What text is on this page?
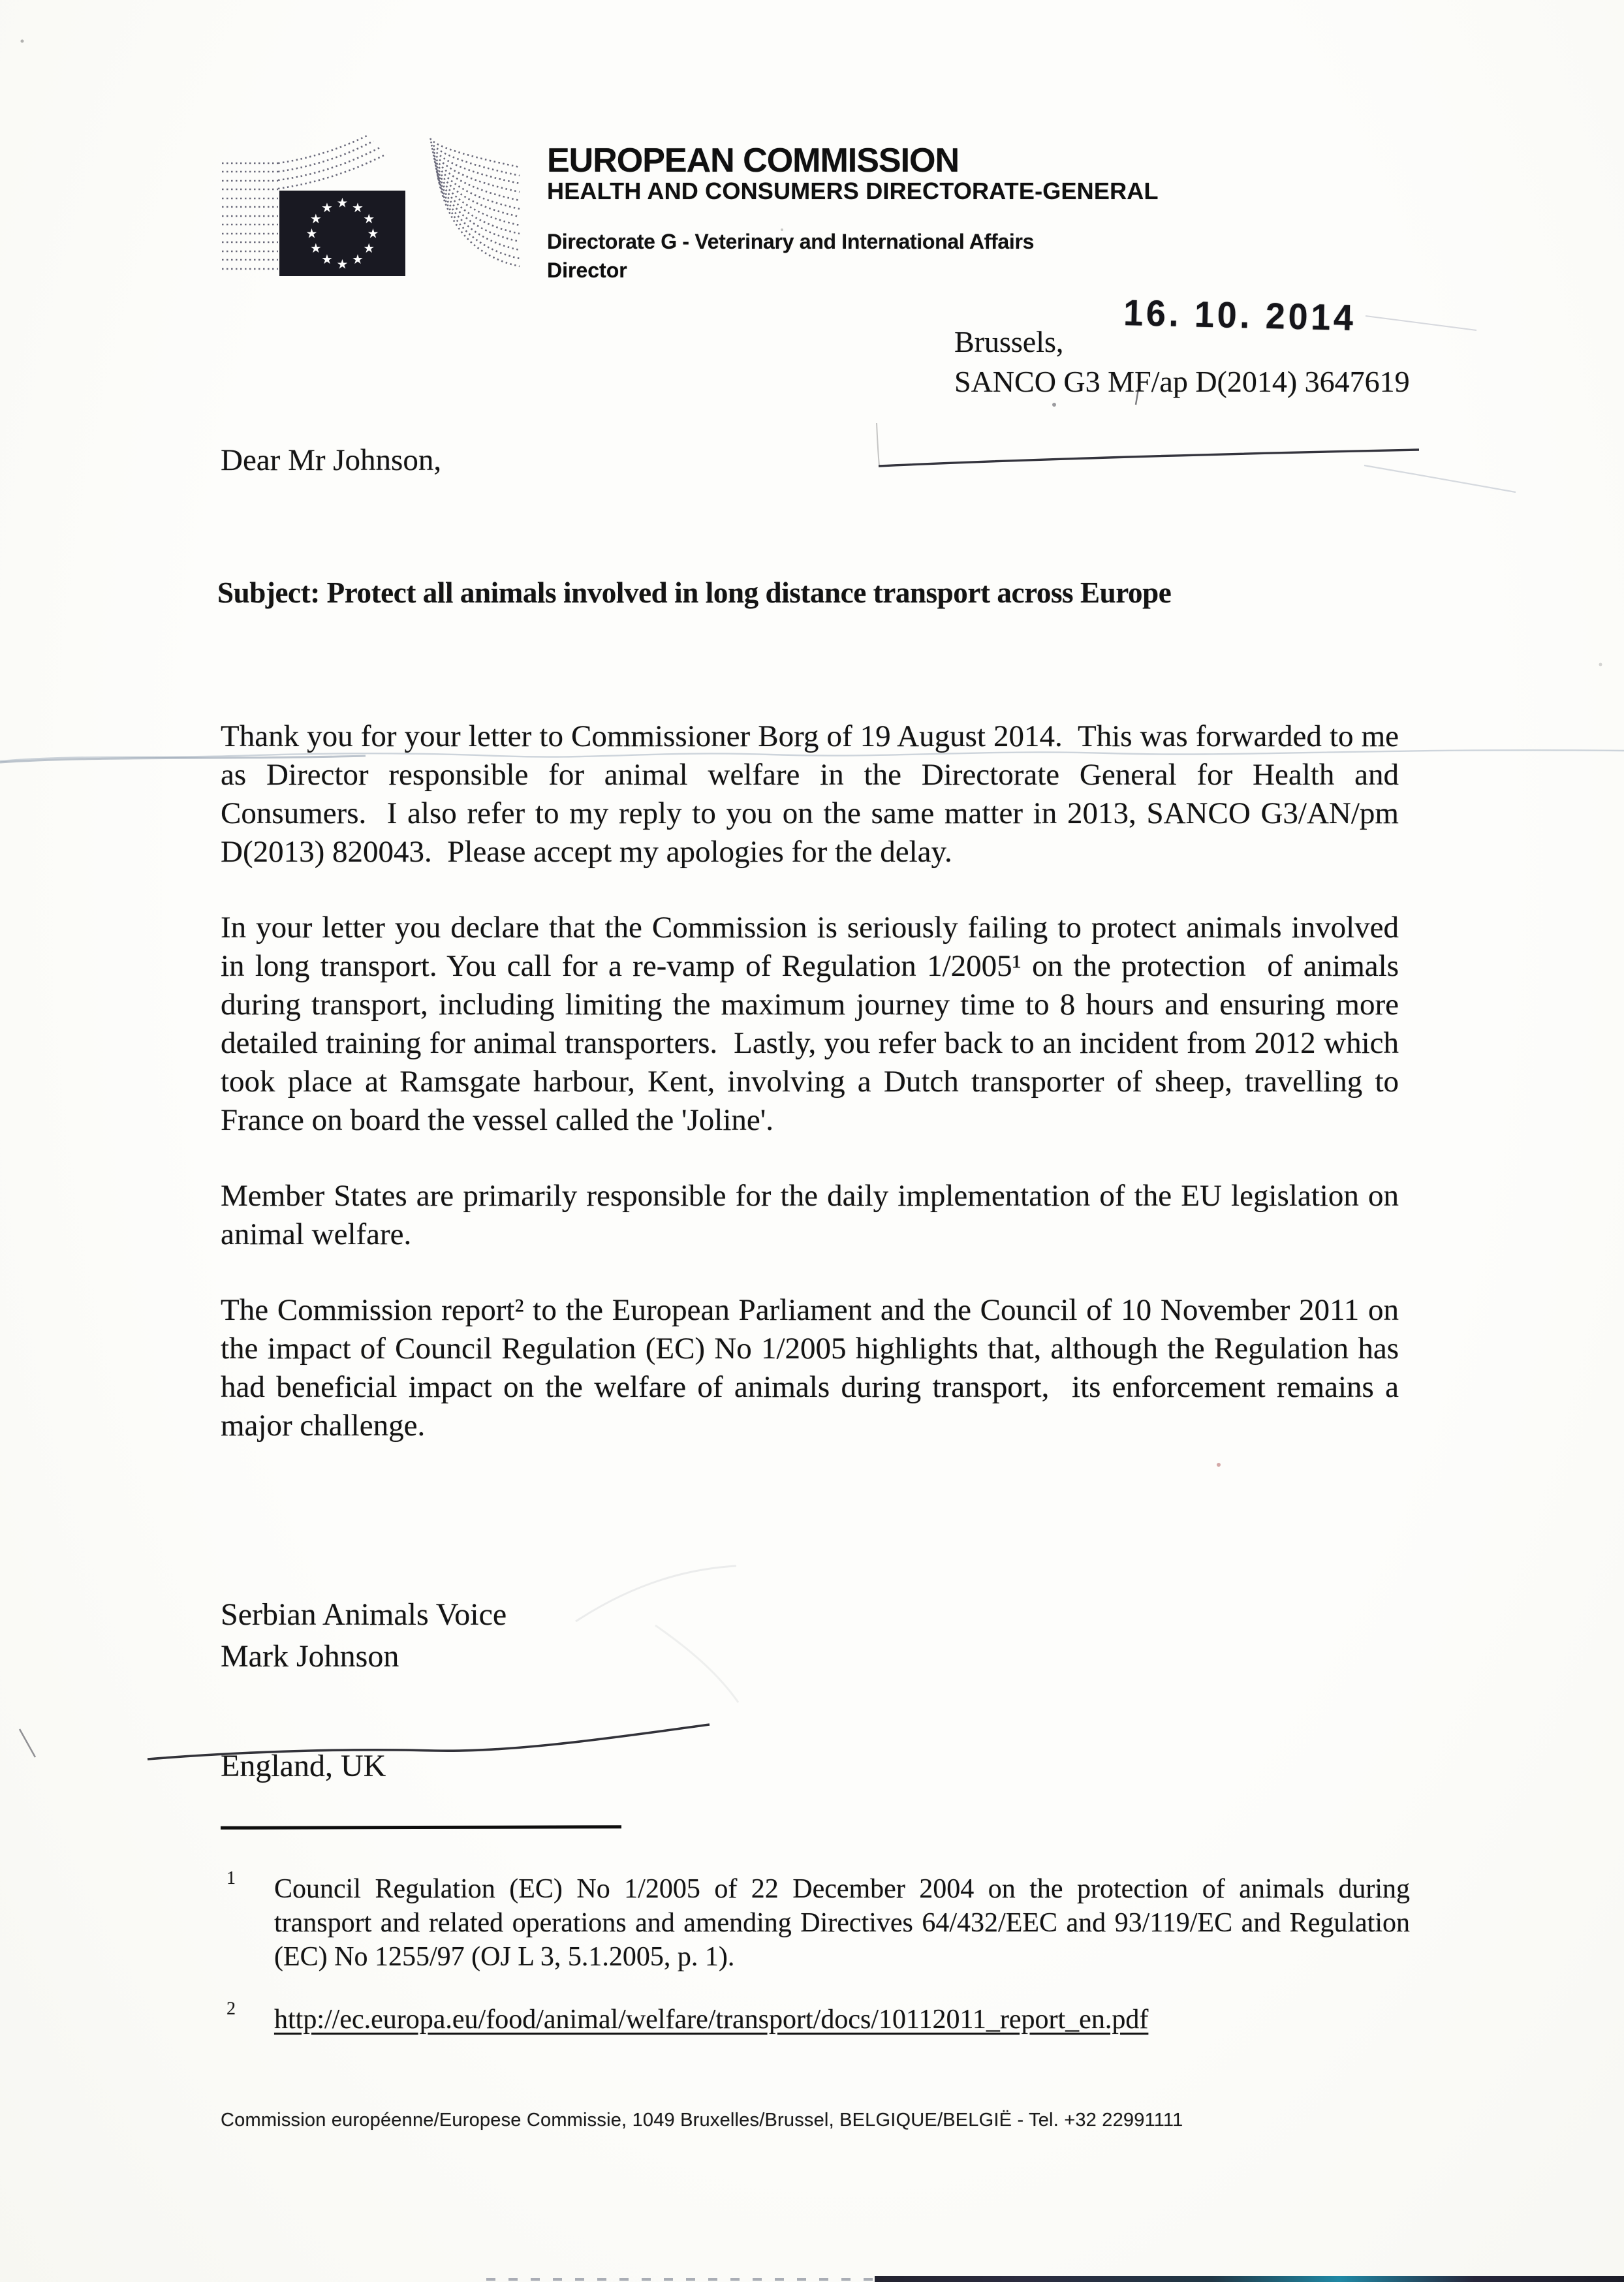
★ ★
★
★
★
★
★
★
★
★
★
★
EUROPEAN COMMISSION
HEALTH AND CONSUMERS DIRECTORATE-GENERAL
Directorate G - Veterinary and International Affairs
Director
16. 10. 2014
Brussels,
SANCO G3 MF/ap D(2014) 3647619
Dear Mr Johnson,
Subject: Protect all animals involved in long distance transport across Europe

Thank you for your letter to Commissioner Borg of 19 August 2014.  This was forwarded to me as Director responsible for animal welfare in the Directorate General for Health and Consumers.  I also refer to my reply to you on the same matter in 2013, SANCO G3/AN/pm D(2013) 820043.  Please accept my apologies for the delay.

In your letter you declare that the Commission is seriously failing to protect animals involved in long transport. You call for a re-vamp of Regulation 1/2005¹ on the protection  of animals during transport, including limiting the maximum journey time to 8 hours and ensuring more detailed training for animal transporters.  Lastly, you refer back to an incident from 2012 which took place at Ramsgate harbour, Kent, involving a Dutch transporter of sheep, travelling to France on board the vessel called the 'Joline'.

Member States are primarily responsible for the daily implementation of the EU legislation on animal welfare.

The Commission report² to the European Parliament and the Council of 10 November 2011 on the impact of Council Regulation (EC) No 1/2005 highlights that, although the Regulation has had beneficial impact on the welfare of animals during transport,  its enforcement remains a major challenge.

Serbian Animals Voice
Mark Johnson
England, UK
1 Council Regulation (EC) No 1/2005 of 22 December 2004 on the protection of animals during transport and related operations and amending Directives 64/432/EEC and 93/119/EC and Regulation (EC) No 1255/97 (OJ L 3, 5.1.2005, p. 1).
2 http://ec.europa.eu/food/animal/welfare/transport/docs/10112011_report_en.pdf
Commission européenne/Europese Commissie, 1049 Bruxelles/Brussel, BELGIQUE/BELGIË - Tel. +32 22991111
